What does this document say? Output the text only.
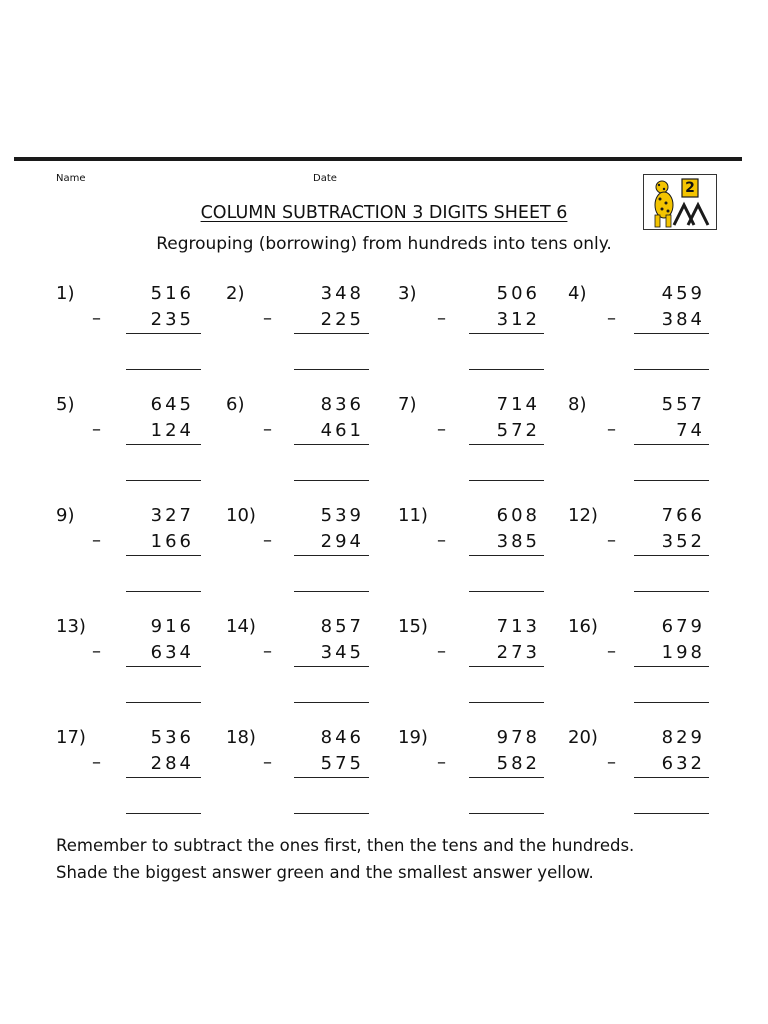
Name	Date
COLUMN SUBTRACTION 3 DIGITS SHEET 6
Regrouping (borrowing) from hundreds into tens only.
2
1)	516
–	235
2)	348
–	225
3)	506
–	312
4)	459
–	384
5)	645
–	124
6)	836
–	461
7)	714
–	572
8)	557
–	74
9)	327
–	166
10)	539
–	294
11)	608
–	385
12)	766
–	352
13)	916
–	634
14)	857
–	345
15)	713
–	273
16)	679
–	198
17)	536
–	284
18)	846
–	575
19)	978
–	582
20)	829
–	632
Remember to subtract the ones first, then the tens and the hundreds.
Shade the biggest answer green and the smallest answer yellow.
